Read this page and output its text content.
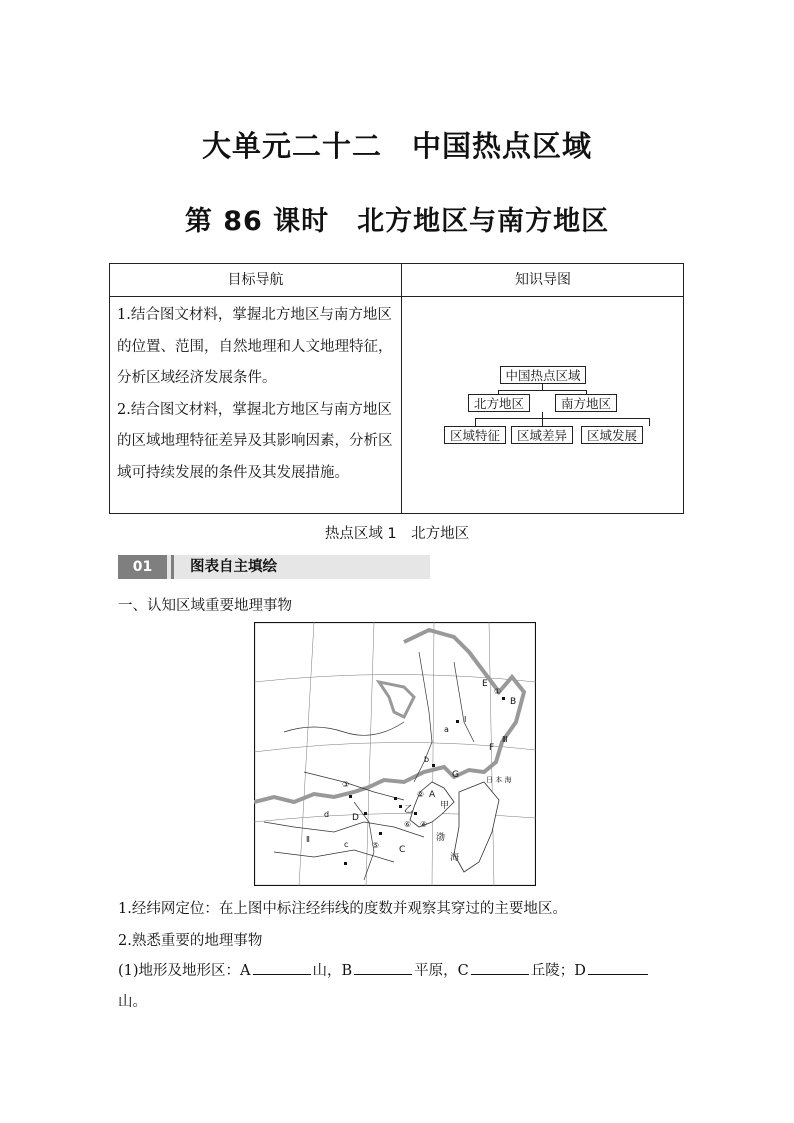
大单元二十二　中国热点区域
第 86 课时　北方地区与南方地区
目标导航	知识导图

1.结合图文材料，掌握北方地区与南方地区的位置、范围，自然地理和人文地理特征，分析区域经济发展条件。

2.结合图文材料，掌握北方地区与南方地区的区域地理特征差异及其影响因素，分析区域可持续发展的条件及其发展措施。

中国热点区域
北方地区	南方地区
区域特征	区域差异	区域发展
热点区域 1　北方地区
01	图表自主填绘
一、认知区域重要地理事物
E
B
F
G
A
D
C
甲
乙
渤
海
日 本 海
①
②
③
④
⑤
⑥
Ⅰ
Ⅱ
Ⅲ
a
b
c
d
1.经纬网定位：在上图中标注经纬线的度数并观察其穿过的主要地区。
2.熟悉重要的地理事物
(1)地形及地形区：A	山，B	平原，C	丘陵；D
山。
